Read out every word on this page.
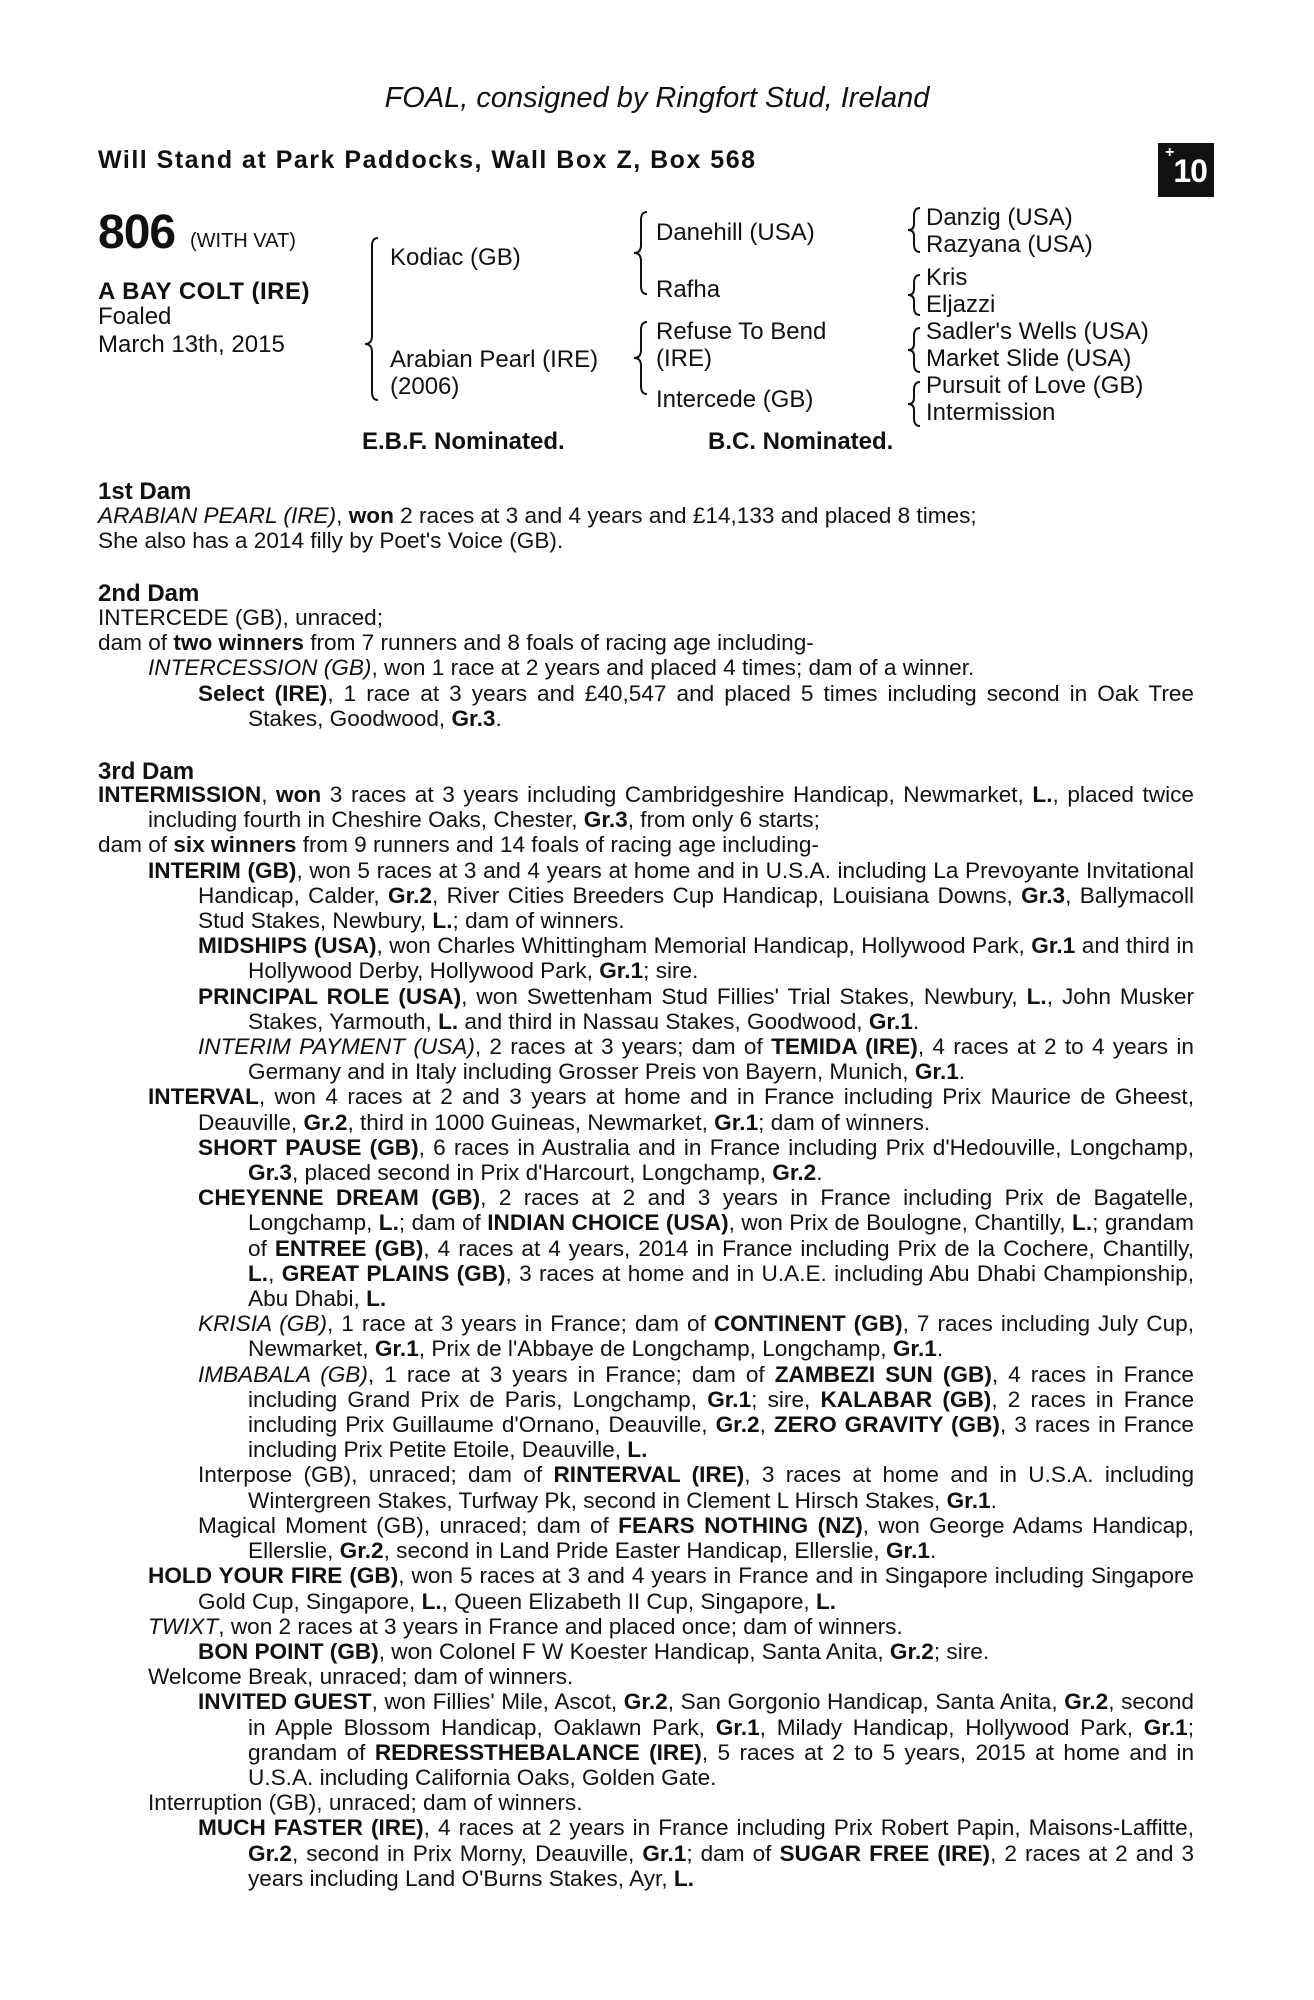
FOAL, consigned by Ringfort Stud, Ireland
Will Stand at Park Paddocks, Wall Box Z, Box 568	+10
806 (WITH VAT)
A BAY COLT (IRE)
Foaled
March 13th, 2015
Kodiac (GB)
Arabian Pearl (IRE)
(2006)
Danehill (USA)
Rafha
Refuse To Bend
(IRE)
Intercede (GB)
Danzig (USA)
Razyana (USA)
Kris
Eljazzi
Sadler's Wells (USA)
Market Slide (USA)
Pursuit of Love (GB)
Intermission
E.B.F. Nominated.	B.C. Nominated.
1st Dam
ARABIAN PEARL (IRE), won 2 races at 3 and 4 years and £14,133 and placed 8 times;
She also has a 2014 filly by Poet's Voice (GB).
2nd Dam
INTERCEDE (GB), unraced;
dam of two winners from 7 runners and 8 foals of racing age including-
INTERCESSION (GB), won 1 race at 2 years and placed 4 times; dam of a winner.
Select (IRE), 1 race at 3 years and £40,547 and placed 5 times including second in Oak Tree Stakes, Goodwood, Gr.3.
3rd Dam
INTERMISSION, won 3 races at 3 years including Cambridgeshire Handicap, Newmarket, L., placed twice including fourth in Cheshire Oaks, Chester, Gr.3, from only 6 starts;
dam of six winners from 9 runners and 14 foals of racing age including-
INTERIM (GB), won 5 races at 3 and 4 years at home and in U.S.A. including La Prevoyante Invitational Handicap, Calder, Gr.2, River Cities Breeders Cup Handicap, Louisiana Downs, Gr.3, Ballymacoll Stud Stakes, Newbury, L.; dam of winners.
MIDSHIPS (USA), won Charles Whittingham Memorial Handicap, Hollywood Park, Gr.1 and third in Hollywood Derby, Hollywood Park, Gr.1; sire.
PRINCIPAL ROLE (USA), won Swettenham Stud Fillies' Trial Stakes, Newbury, L., John Musker Stakes, Yarmouth, L. and third in Nassau Stakes, Goodwood, Gr.1.
INTERIM PAYMENT (USA), 2 races at 3 years; dam of TEMIDA (IRE), 4 races at 2 to 4 years in Germany and in Italy including Grosser Preis von Bayern, Munich, Gr.1.
INTERVAL, won 4 races at 2 and 3 years at home and in France including Prix Maurice de Gheest, Deauville, Gr.2, third in 1000 Guineas, Newmarket, Gr.1; dam of winners.
SHORT PAUSE (GB), 6 races in Australia and in France including Prix d'Hedouville, Longchamp, Gr.3, placed second in Prix d'Harcourt, Longchamp, Gr.2.
CHEYENNE DREAM (GB), 2 races at 2 and 3 years in France including Prix de Bagatelle, Longchamp, L.; dam of INDIAN CHOICE (USA), won Prix de Boulogne, Chantilly, L.; grandam of ENTREE (GB), 4 races at 4 years, 2014 in France including Prix de la Cochere, Chantilly, L., GREAT PLAINS (GB), 3 races at home and in U.A.E. including Abu Dhabi Championship, Abu Dhabi, L.
KRISIA (GB), 1 race at 3 years in France; dam of CONTINENT (GB), 7 races including July Cup, Newmarket, Gr.1, Prix de l'Abbaye de Longchamp, Longchamp, Gr.1.
IMBABALA (GB), 1 race at 3 years in France; dam of ZAMBEZI SUN (GB), 4 races in France including Grand Prix de Paris, Longchamp, Gr.1; sire, KALABAR (GB), 2 races in France including Prix Guillaume d'Ornano, Deauville, Gr.2, ZERO GRAVITY (GB), 3 races in France including Prix Petite Etoile, Deauville, L.
Interpose (GB), unraced; dam of RINTERVAL (IRE), 3 races at home and in U.S.A. including Wintergreen Stakes, Turfway Pk, second in Clement L Hirsch Stakes, Gr.1.
Magical Moment (GB), unraced; dam of FEARS NOTHING (NZ), won George Adams Handicap, Ellerslie, Gr.2, second in Land Pride Easter Handicap, Ellerslie, Gr.1.
HOLD YOUR FIRE (GB), won 5 races at 3 and 4 years in France and in Singapore including Singapore Gold Cup, Singapore, L., Queen Elizabeth II Cup, Singapore, L.
TWIXT, won 2 races at 3 years in France and placed once; dam of winners.
BON POINT (GB), won Colonel F W Koester Handicap, Santa Anita, Gr.2; sire.
Welcome Break, unraced; dam of winners.
INVITED GUEST, won Fillies' Mile, Ascot, Gr.2, San Gorgonio Handicap, Santa Anita, Gr.2, second in Apple Blossom Handicap, Oaklawn Park, Gr.1, Milady Handicap, Hollywood Park, Gr.1; grandam of REDRESSTHEBALANCE (IRE), 5 races at 2 to 5 years, 2015 at home and in U.S.A. including California Oaks, Golden Gate.
Interruption (GB), unraced; dam of winners.
MUCH FASTER (IRE), 4 races at 2 years in France including Prix Robert Papin, Maisons-Laffitte, Gr.2, second in Prix Morny, Deauville, Gr.1; dam of SUGAR FREE (IRE), 2 races at 2 and 3 years including Land O'Burns Stakes, Ayr, L.
